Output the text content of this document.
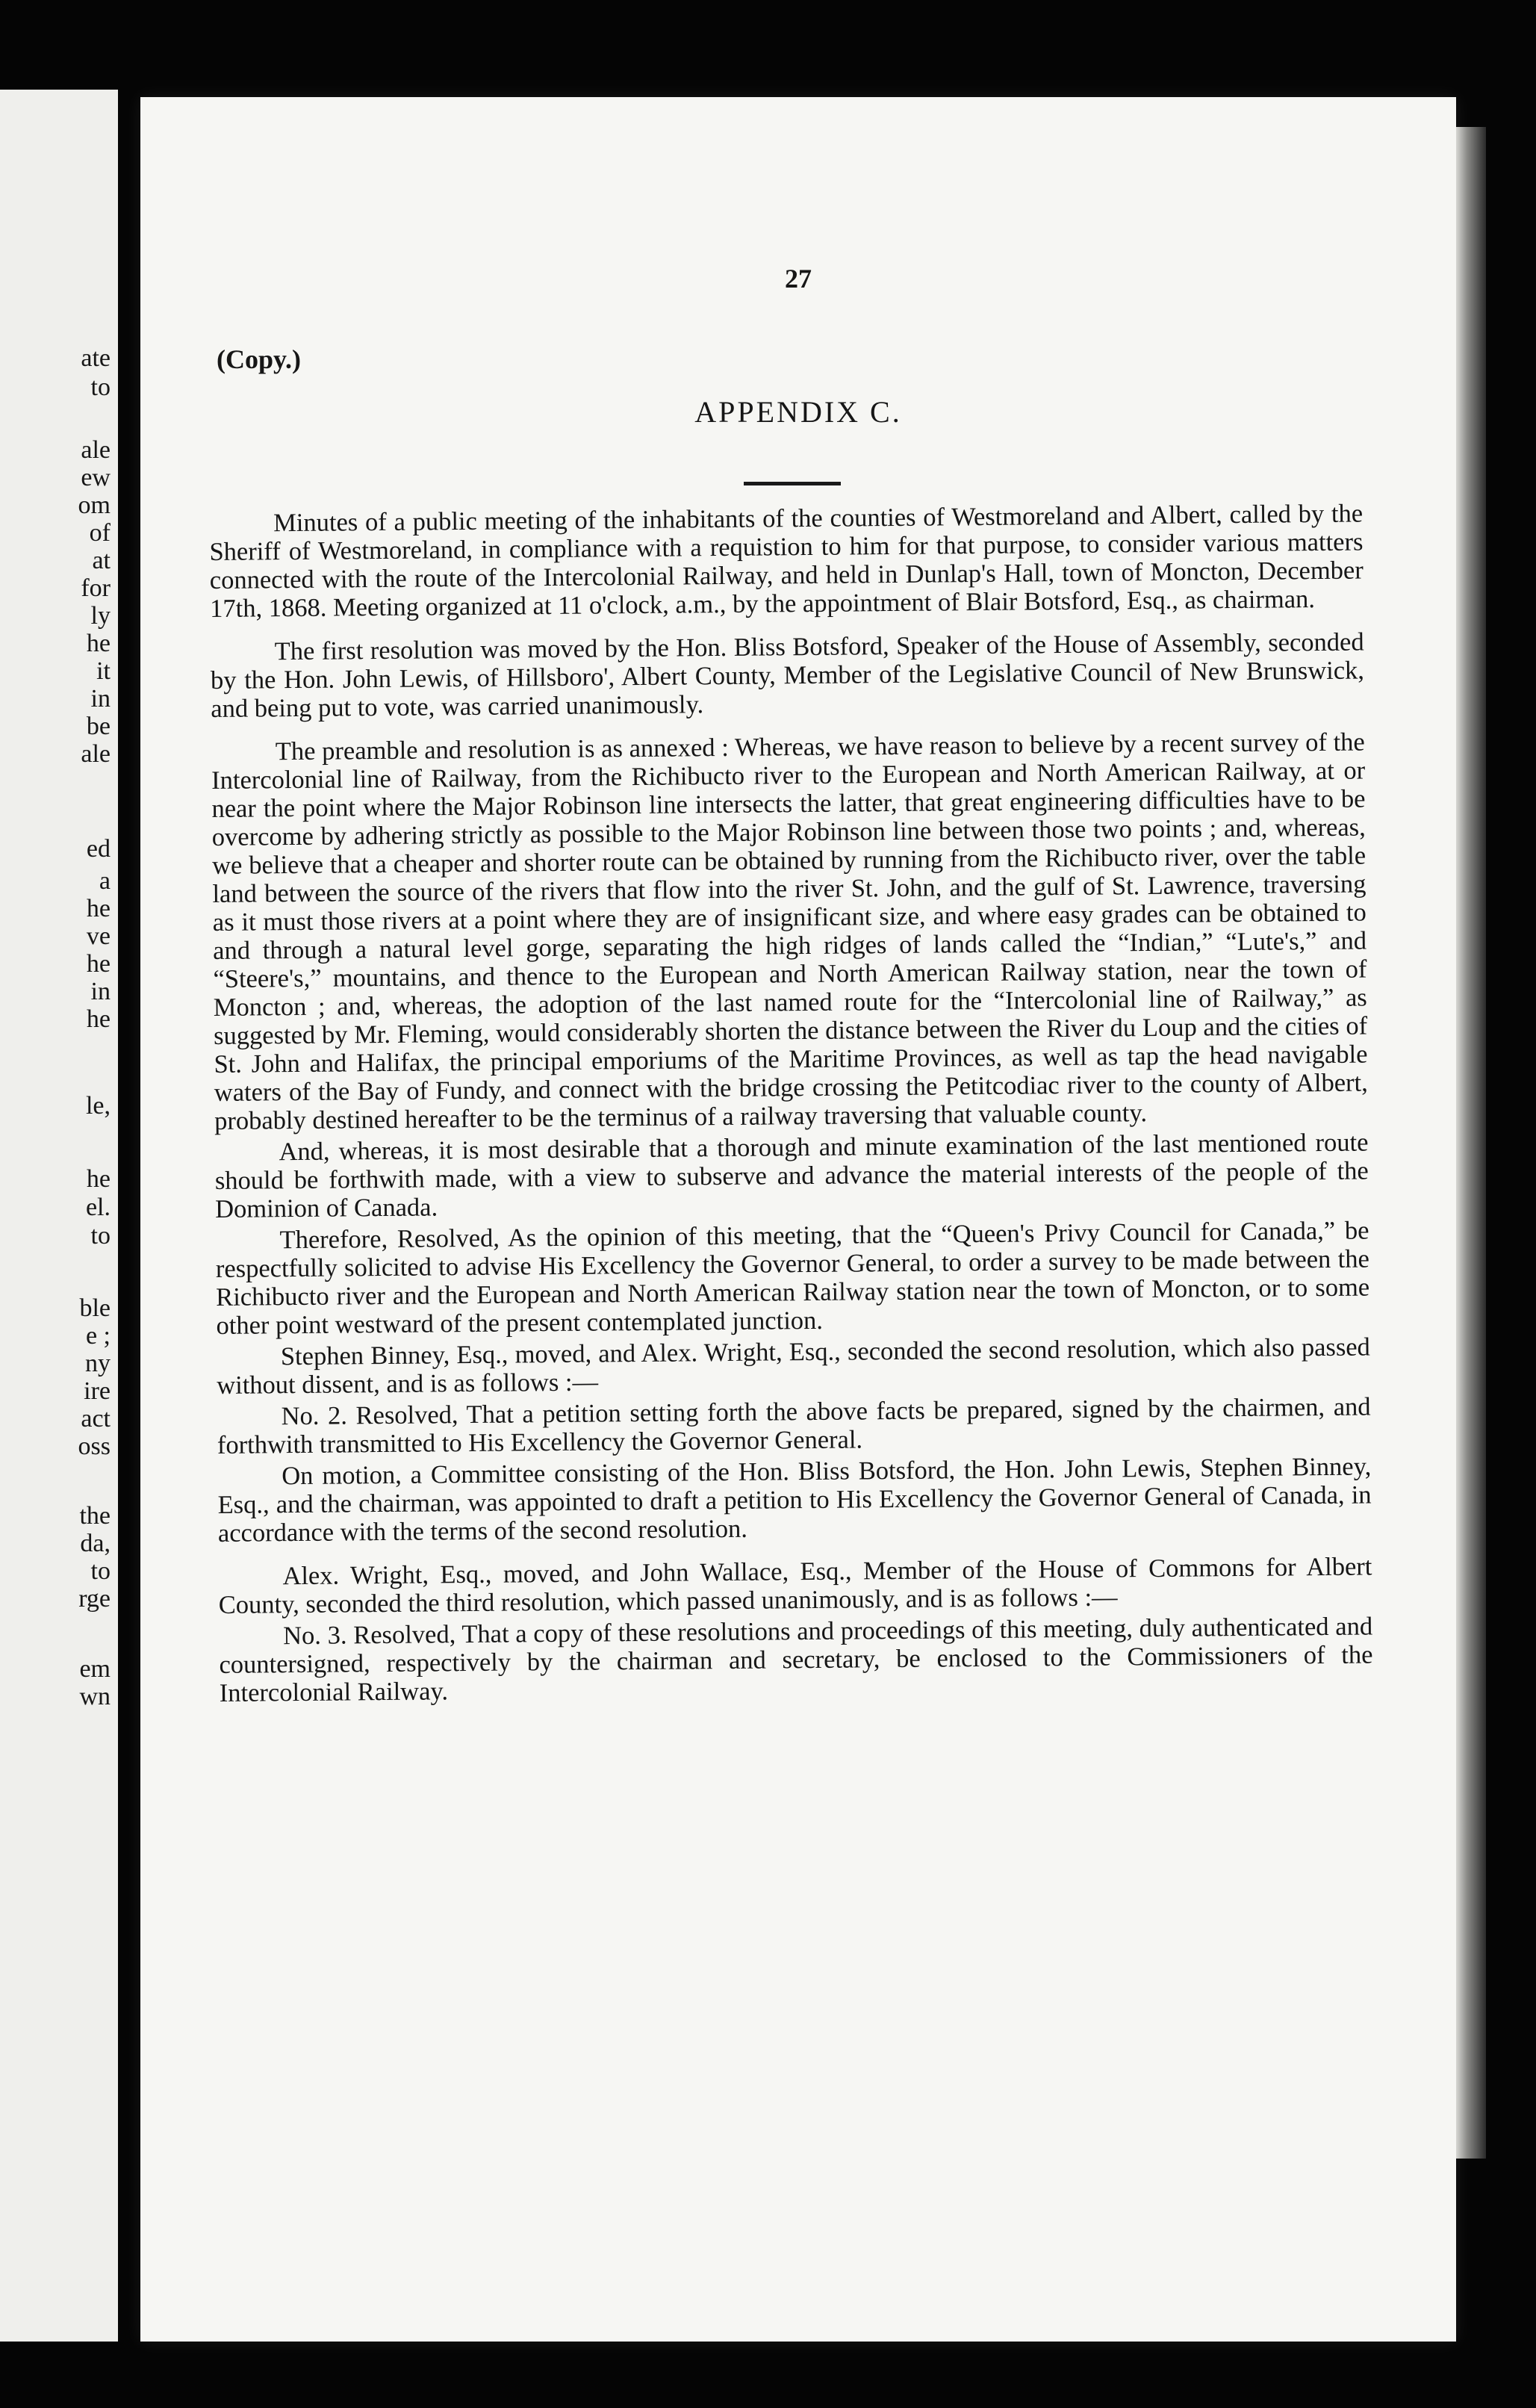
ate
to
ale
ew
om
of
at
for
ly
he
it
in
be
ale
ed
a
he
ve
he
in
he
le,
he
el.
to
ble
e ;
ny
ire
act
oss
the
da,
to
rge
em
wn
27
(Copy.)
APPENDIX C.

Minutes of a public meeting of the inhabitants of the counties of Westmoreland and Albert, called by the Sheriff of Westmoreland, in compliance with a requistion to him for that purpose, to consider various matters connected with the route of the Intercolonial Railway, and held in Dunlap's Hall, town of Moncton, December 17th, 1868. Meeting organized at 11 o'clock, a.m., by the appointment of Blair Botsford, Esq., as chairman.

The first resolution was moved by the Hon. Bliss Botsford, Speaker of the House of Assembly, seconded by the Hon. John Lewis, of Hillsboro', Albert County, Member of the Legislative Council of New Brunswick, and being put to vote, was carried unanimously.

The preamble and resolution is as annexed : Whereas, we have reason to believe by a recent survey of the Intercolonial line of Railway, from the Richibucto river to the European and North American Railway, at or near the point where the Major Robinson line intersects the latter, that great engineering difficulties have to be overcome by adhering strictly as possible to the Major Robinson line between those two points ; and, whereas, we believe that a cheaper and shorter route can be obtained by running from the Richibucto river, over the table land between the source of the rivers that flow into the river St. John, and the gulf of St. Lawrence, traversing as it must those rivers at a point where they are of insignificant size, and where easy grades can be obtained to and through a natural level gorge, separating the high ridges of lands called the “Indian,” “Lute's,” and “Steere's,” mountains, and thence to the European and North American Railway station, near the town of Moncton ; and, whereas, the adoption of the last named route for the “Intercolonial line of Railway,” as suggested by Mr. Fleming, would considerably shorten the distance between the River du Loup and the cities of St. John and Halifax, the principal emporiums of the Maritime Provinces, as well as tap the head navigable waters of the Bay of Fundy, and connect with the bridge crossing the Petitcodiac river to the county of Albert, probably destined hereafter to be the terminus of a railway traversing that valuable county.

And, whereas, it is most desirable that a thorough and minute examination of the last mentioned route should be forthwith made, with a view to subserve and advance the material interests of the people of the Dominion of Canada.

Therefore, Resolved, As the opinion of this meeting, that the “Queen's Privy Council for Canada,” be respectfully solicited to advise His Excellency the Governor General, to order a survey to be made between the Richibucto river and the European and North American Railway station near the town of Moncton, or to some other point westward of the present contemplated junction.

Stephen Binney, Esq., moved, and Alex. Wright, Esq., seconded the second resolution, which also passed without dissent, and is as follows :—

No. 2. Resolved, That a petition setting forth the above facts be prepared, signed by the chairmen, and forthwith transmitted to His Excellency the Governor General.

On motion, a Committee consisting of the Hon. Bliss Botsford, the Hon. John Lewis, Stephen Binney, Esq., and the chairman, was appointed to draft a petition to His Excellency the Governor General of Canada, in accordance with the terms of the second resolution.

Alex. Wright, Esq., moved, and John Wallace, Esq., Member of the House of Commons for Albert County, seconded the third resolution, which passed unanimously, and is as follows :—

No. 3. Resolved, That a copy of these resolutions and proceedings of this meeting, duly authenticated and countersigned, respectively by the chairman and secretary, be enclosed to the Commissioners of the Intercolonial Railway.
